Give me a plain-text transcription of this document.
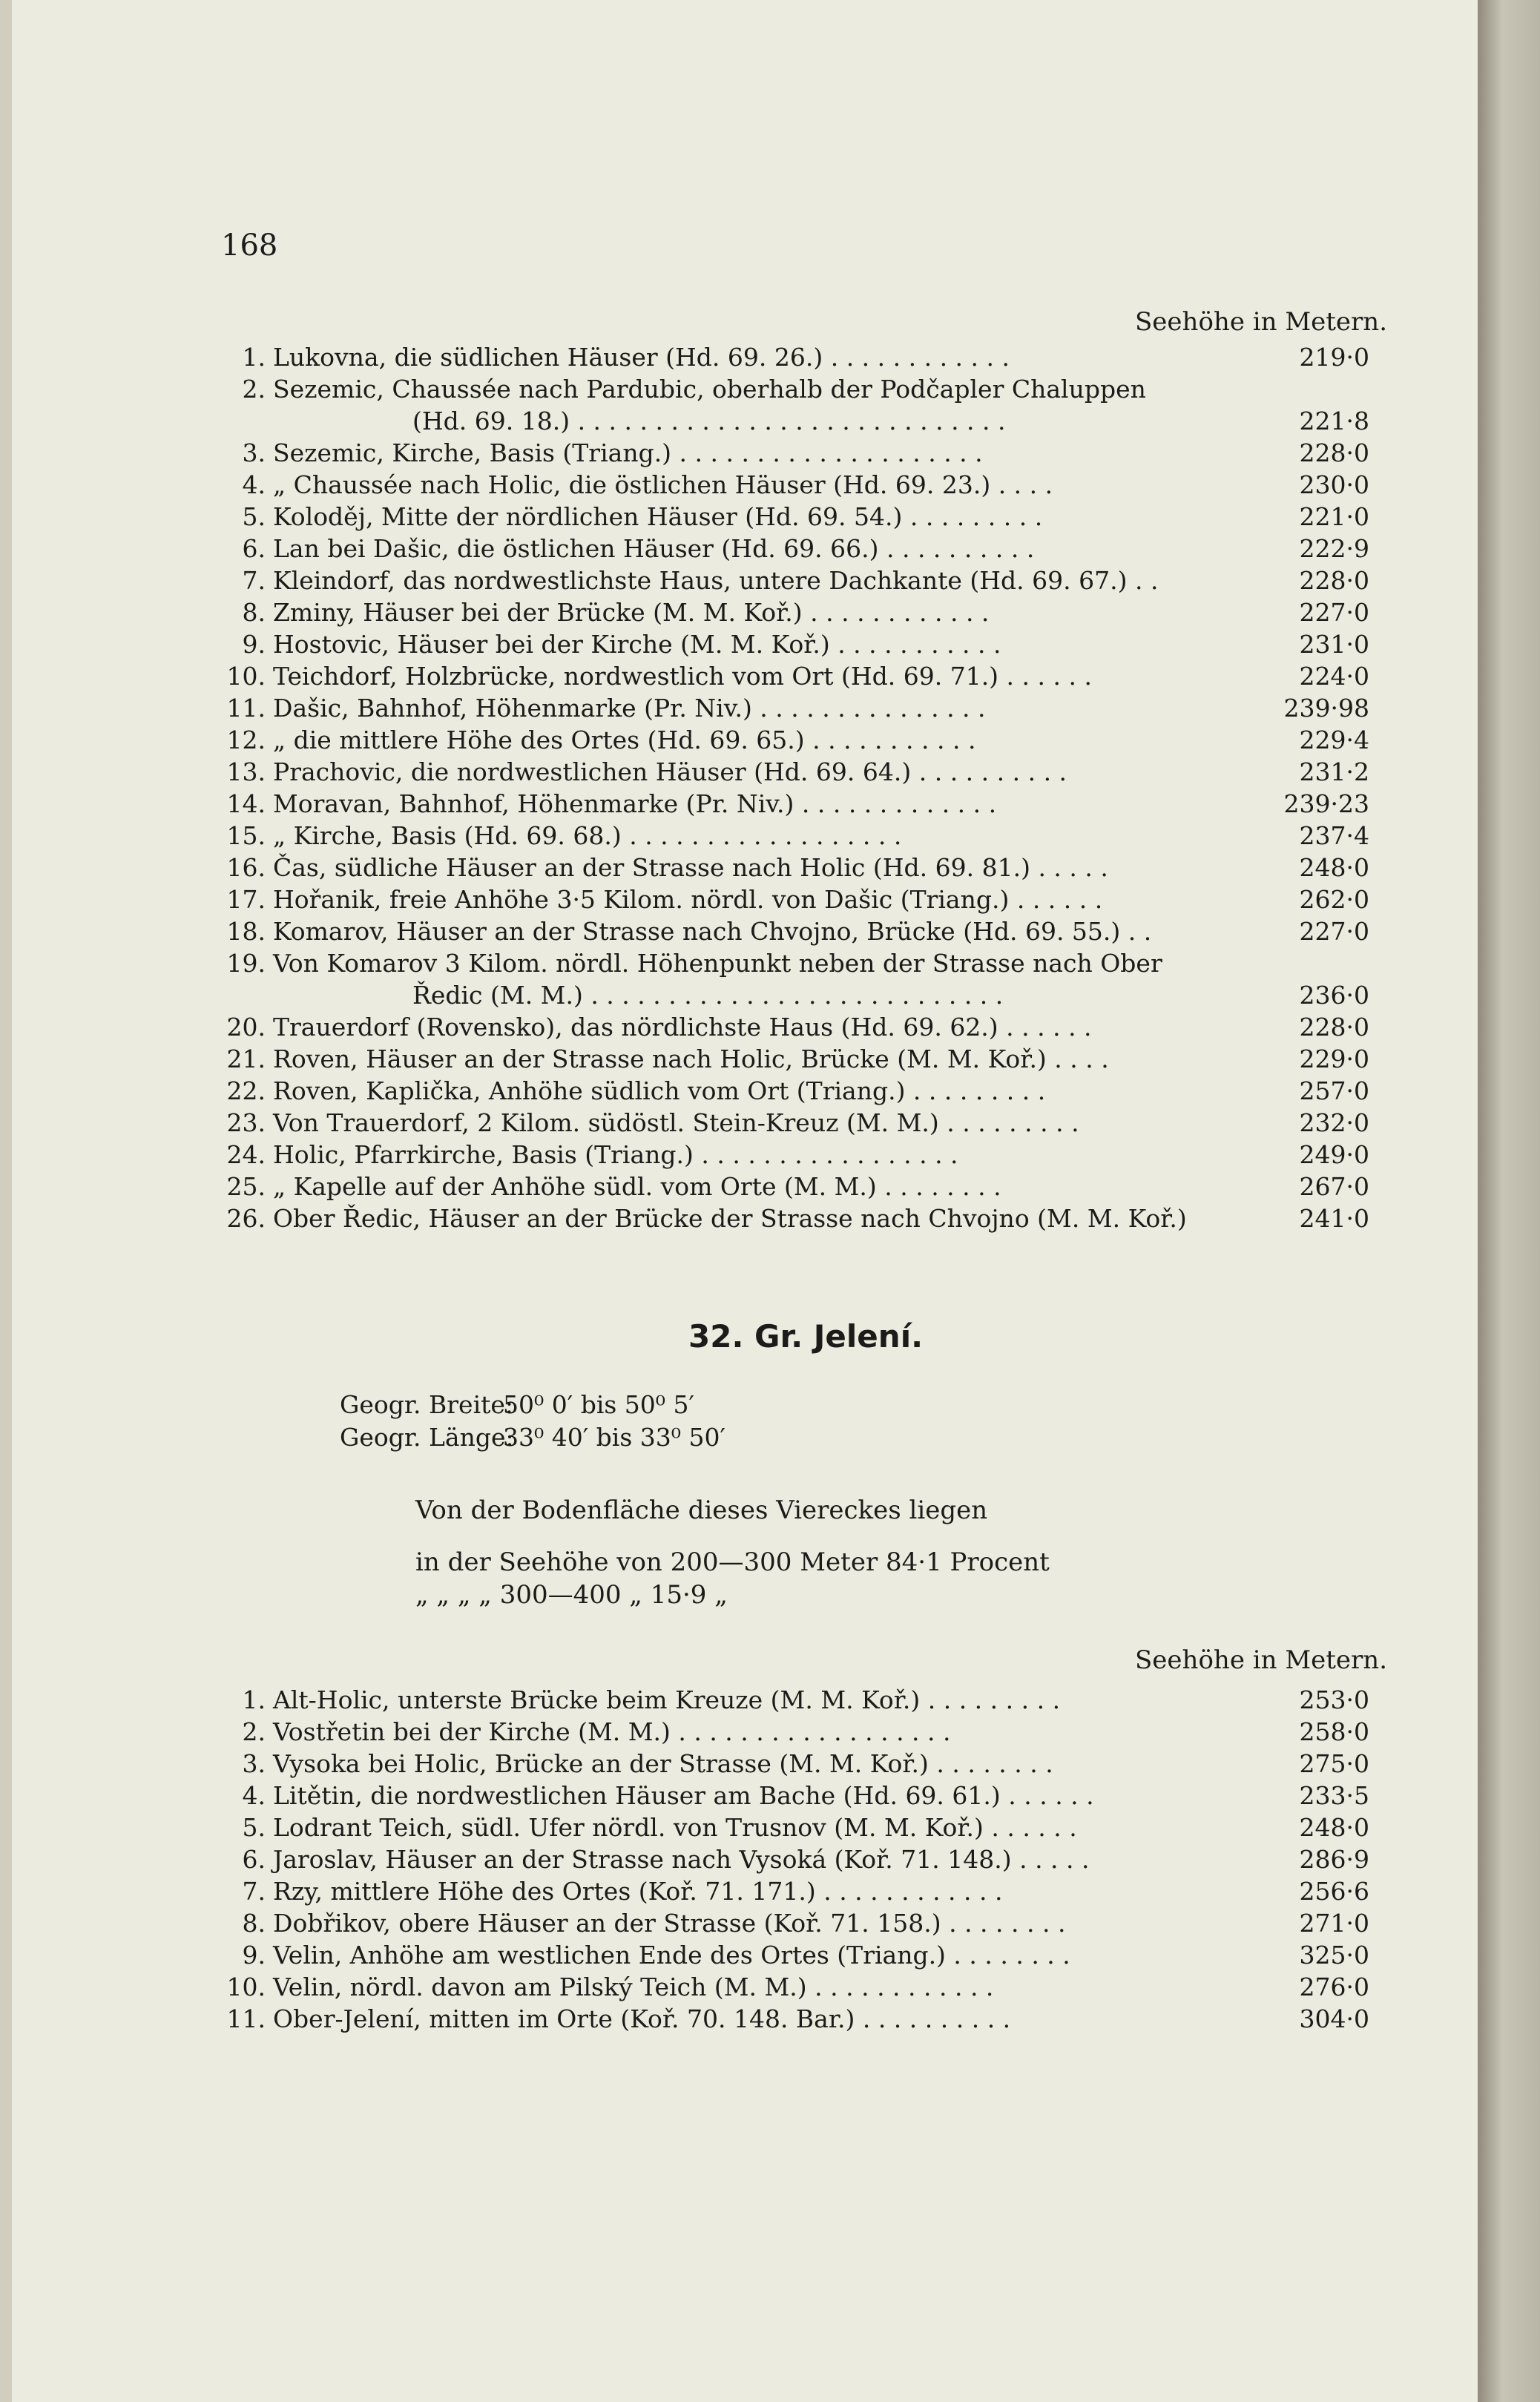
168
Seehöhe in Metern.
1. Lukovna, die südlichen Häuser (Hd. 69. 26.) . . . . . . . . . . . .	219·0
2. Sezemic, Chaussée nach Pardubic, oberhalb der Podčapler Chaluppen
(Hd. 69. 18.) . . . . . . . . . . . . . . . . . . . . . . . . . . . .	221·8
3. Sezemic, Kirche, Basis (Triang.) . . . . . . . . . . . . . . . . . . . .	228·0
4. „ Chaussée nach Holic, die östlichen Häuser (Hd. 69. 23.) . . . .	230·0
5. Koloděj, Mitte der nördlichen Häuser (Hd. 69. 54.) . . . . . . . . .	221·0
6. Lan bei Dašic, die östlichen Häuser (Hd. 69. 66.) . . . . . . . . . .	222·9
7. Kleindorf, das nordwestlichste Haus, untere Dachkante (Hd. 69. 67.) . .	228·0
8. Zminy, Häuser bei der Brücke (M. M. Koř.) . . . . . . . . . . . .	227·0
9. Hostovic, Häuser bei der Kirche (M. M. Koř.) . . . . . . . . . . .	231·0
10. Teichdorf, Holzbrücke, nordwestlich vom Ort (Hd. 69. 71.) . . . . . .	224·0
11. Dašic, Bahnhof, Höhenmarke (Pr. Niv.) . . . . . . . . . . . . . . .	239·98
12. „ die mittlere Höhe des Ortes (Hd. 69. 65.) . . . . . . . . . . .	229·4
13. Prachovic, die nordwestlichen Häuser (Hd. 69. 64.) . . . . . . . . . .	231·2
14. Moravan, Bahnhof, Höhenmarke (Pr. Niv.) . . . . . . . . . . . . .	239·23
15. „ Kirche, Basis (Hd. 69. 68.) . . . . . . . . . . . . . . . . . .	237·4
16. Čas, südliche Häuser an der Strasse nach Holic (Hd. 69. 81.) . . . . .	248·0
17. Hořanik, freie Anhöhe 3·5 Kilom. nördl. von Dašic (Triang.) . . . . . .	262·0
18. Komarov, Häuser an der Strasse nach Chvojno, Brücke (Hd. 69. 55.) . .	227·0
19. Von Komarov 3 Kilom. nördl. Höhenpunkt neben der Strasse nach Ober
Ředic (M. M.) . . . . . . . . . . . . . . . . . . . . . . . . . . .	236·0
20. Trauerdorf (Rovensko), das nördlichste Haus (Hd. 69. 62.) . . . . . .	228·0
21. Roven, Häuser an der Strasse nach Holic, Brücke (M. M. Koř.) . . . .	229·0
22. Roven, Kaplička, Anhöhe südlich vom Ort (Triang.) . . . . . . . . .	257·0
23. Von Trauerdorf, 2 Kilom. südöstl. Stein-Kreuz (M. M.) . . . . . . . . .	232·0
24. Holic, Pfarrkirche, Basis (Triang.) . . . . . . . . . . . . . . . . .	249·0
25. „ Kapelle auf der Anhöhe südl. vom Orte (M. M.) . . . . . . . .	267·0
26. Ober Ředic, Häuser an der Brücke der Strasse nach Chvojno (M. M. Koř.)	241·0
32. Gr. Jelení.
Geogr. Breite:
50⁰ 0′ bis 50⁰ 5′
Geogr. Länge:
33⁰ 40′ bis 33⁰ 50′
Von der Bodenfläche dieses Viereckes liegen
in der Seehöhe von 200—300 Meter 84·1 Procent
„ „ „ „ 300—400 „ 15·9 „
Seehöhe in Metern.
1. Alt-Holic, unterste Brücke beim Kreuze (M. M. Koř.) . . . . . . . . .	253·0
2. Vostřetin bei der Kirche (M. M.) . . . . . . . . . . . . . . . . . .	258·0
3. Vysoka bei Holic, Brücke an der Strasse (M. M. Koř.) . . . . . . . .	275·0
4. Litětin, die nordwestlichen Häuser am Bache (Hd. 69. 61.) . . . . . .	233·5
5. Lodrant Teich, südl. Ufer nördl. von Trusnov (M. M. Koř.) . . . . . .	248·0
6. Jaroslav, Häuser an der Strasse nach Vysoká (Koř. 71. 148.) . . . . .	286·9
7. Rzy, mittlere Höhe des Ortes (Koř. 71. 171.) . . . . . . . . . . . .	256·6
8. Dobřikov, obere Häuser an der Strasse (Koř. 71. 158.) . . . . . . . .	271·0
9. Velin, Anhöhe am westlichen Ende des Ortes (Triang.) . . . . . . . .	325·0
10. Velin, nördl. davon am Pilský Teich (M. M.) . . . . . . . . . . . .	276·0
11. Ober-Jelení, mitten im Orte (Koř. 70. 148. Bar.) . . . . . . . . . .	304·0
